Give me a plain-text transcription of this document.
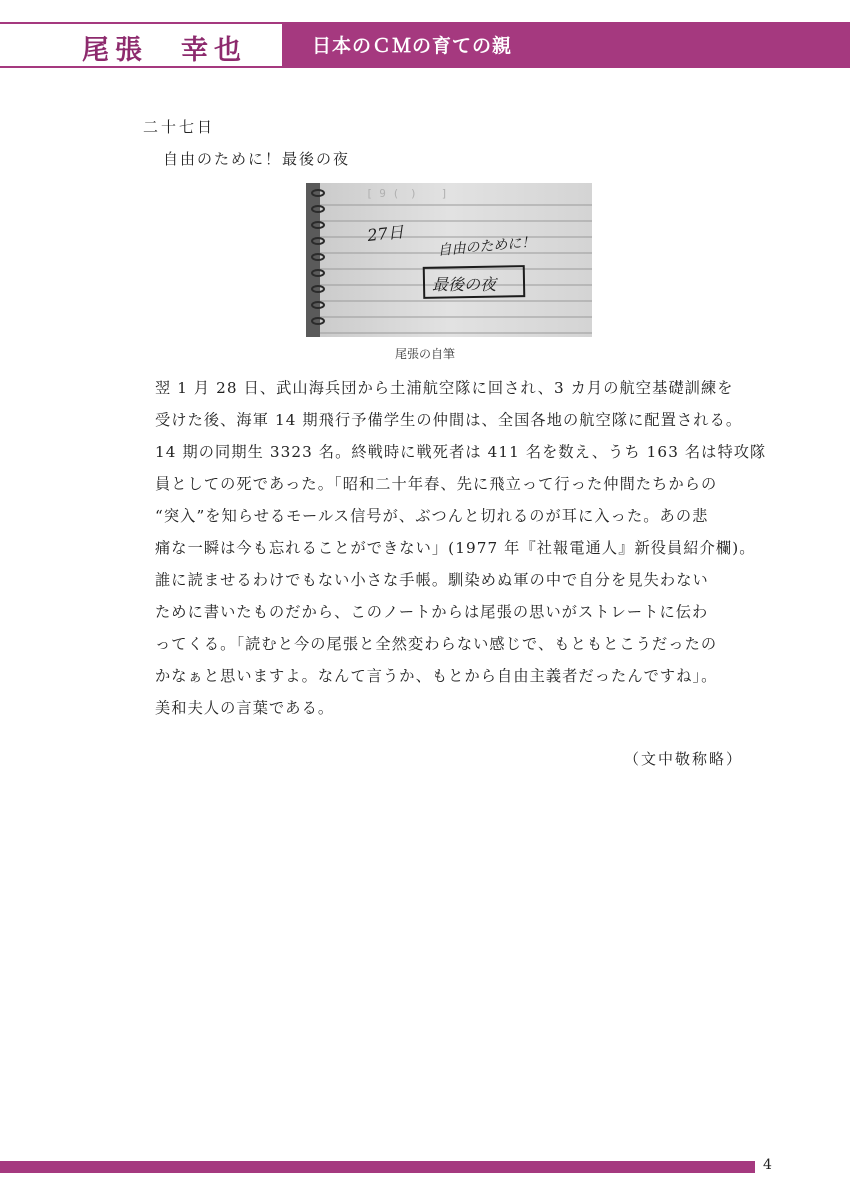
尾張　幸也	日本のＣＭの育ての親
二十七日
自由のために！最後の夜
[ 9 (　) 　 ]
27日
自由のために！
最後の夜
尾張の自筆
翌 1 月 28 日、武山海兵団から土浦航空隊に回され、3 カ月の航空基礎訓練を
受けた後、海軍 14 期飛行予備学生の仲間は、全国各地の航空隊に配置される。
14 期の同期生 3323 名。終戦時に戦死者は 411 名を数え、うち 163 名は特攻隊
員としての死であった。「昭和二十年春、先に飛立って行った仲間たちからの
“突入”を知らせるモールス信号が、ぶつんと切れるのが耳に入った。あの悲
痛な一瞬は今も忘れることができない」(1977 年『社報電通人』新役員紹介欄)。
誰に読ませるわけでもない小さな手帳。馴染めぬ軍の中で自分を見失わない
ために書いたものだから、このノートからは尾張の思いがストレートに伝わ
ってくる。「読むと今の尾張と全然変わらない感じで、もともとこうだったの
かなぁと思いますよ。なんて言うか、もとから自由主義者だったんですね」。
美和夫人の言葉である。
（文中敬称略）
4
